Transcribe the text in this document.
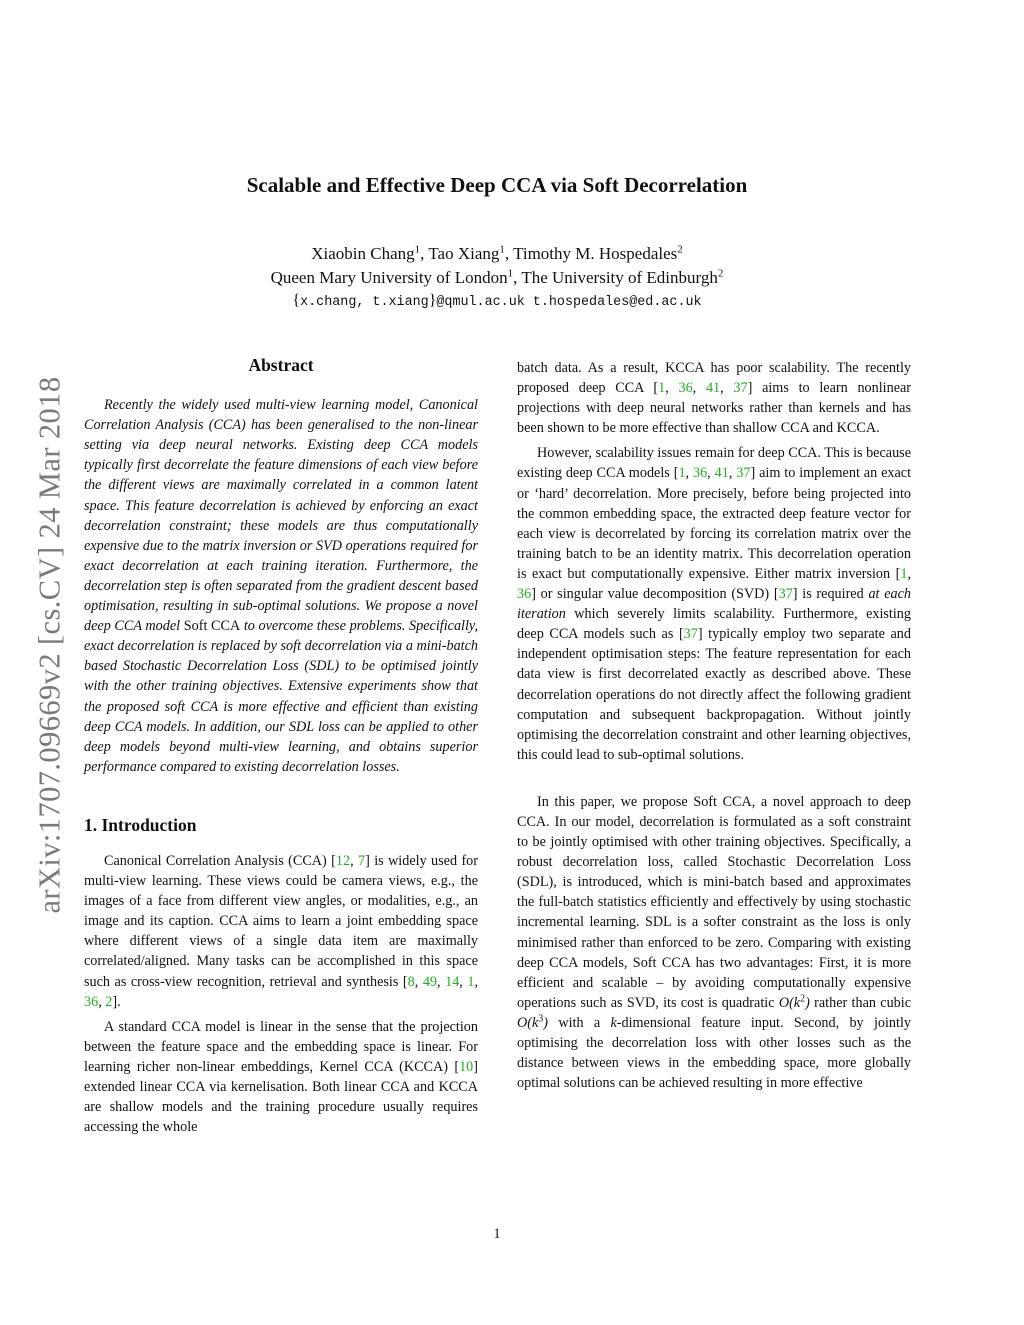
arXiv:1707.09669v2 [cs.CV] 24 Mar 2018
Scalable and Effective Deep CCA via Soft Decorrelation
Xiaobin Chang$^1$, Tao Xiang$^1$, Timothy M. Hospedales$^2$
Queen Mary University of London$^1$, The University of Edinburgh$^2$
{x.chang, t.xiang}@qmul.ac.uk t.hospedales@ed.ac.uk
Abstract

Recently the widely used multi-view learning model, Canonical Correlation Analysis (CCA) has been generalised to the non-linear setting via deep neural networks. Existing deep CCA models typically first decorrelate the feature dimensions of each view before the different views are maximally correlated in a common latent space. This feature decorrelation is achieved by enforcing an exact decorrelation constraint; these models are thus computationally expensive due to the matrix inversion or SVD operations required for exact decorrelation at each training iteration. Furthermore, the decorrelation step is often separated from the gradient descent based optimisation, resulting in sub-optimal solutions. We propose a novel deep CCA model Soft CCA to overcome these problems. Specifically, exact decorrelation is replaced by soft decorrelation via a mini-batch based Stochastic Decorrelation Loss (SDL) to be optimised jointly with the other training objectives. Extensive experiments show that the proposed soft CCA is more effective and efficient than existing deep CCA models. In addition, our SDL loss can be applied to other deep models beyond multi-view learning, and obtains superior performance compared to existing decorrelation losses.

1. Introduction

Canonical Correlation Analysis (CCA) [12, 7] is widely used for multi-view learning. These views could be camera views, e.g., the images of a face from different view angles, or modalities, e.g., an image and its caption. CCA aims to learn a joint embedding space where different views of a single data item are maximally correlated/aligned. Many tasks can be accomplished in this space such as cross-view recognition, retrieval and synthesis [8, 49, 14, 1, 36, 2].

A standard CCA model is linear in the sense that the projection between the feature space and the embedding space is linear. For learning richer non-linear embeddings, Kernel CCA (KCCA) [10] extended linear CCA via kernelisation. Both linear CCA and KCCA are shallow models and the training procedure usually requires accessing the whole

batch data. As a result, KCCA has poor scalability. The recently proposed deep CCA [1, 36, 41, 37] aims to learn nonlinear projections with deep neural networks rather than kernels and has been shown to be more effective than shallow CCA and KCCA.

However, scalability issues remain for deep CCA. This is because existing deep CCA models [1, 36, 41, 37] aim to implement an exact or ‘hard’ decorrelation. More precisely, before being projected into the common embedding space, the extracted deep feature vector for each view is decorrelated by forcing its correlation matrix over the training batch to be an identity matrix. This decorrelation operation is exact but computationally expensive. Either matrix inversion [1, 36] or singular value decomposition (SVD) [37] is required at each iteration which severely limits scalability. Furthermore, existing deep CCA models such as [37] typically employ two separate and independent optimisation steps: The feature representation for each data view is first decorrelated exactly as described above. These decorrelation operations do not directly affect the following gradient computation and subsequent backpropagation. Without jointly optimising the decorrelation constraint and other learning objectives, this could lead to sub-optimal solutions.

In this paper, we propose Soft CCA, a novel approach to deep CCA. In our model, decorrelation is formulated as a soft constraint to be jointly optimised with other training objectives. Specifically, a robust decorrelation loss, called Stochastic Decorrelation Loss (SDL), is introduced, which is mini-batch based and approximates the full-batch statistics efficiently and effectively by using stochastic incremental learning. SDL is a softer constraint as the loss is only minimised rather than enforced to be zero. Comparing with existing deep CCA models, Soft CCA has two advantages: First, it is more efficient and scalable – by avoiding computationally expensive operations such as SVD, its cost is quadratic $O(k^2)$ rather than cubic $O(k^3)$ with a k-dimensional feature input. Second, by jointly optimising the decorrelation loss with other losses such as the distance between views in the embedding space, more globally optimal solutions can be achieved resulting in more effective

1
